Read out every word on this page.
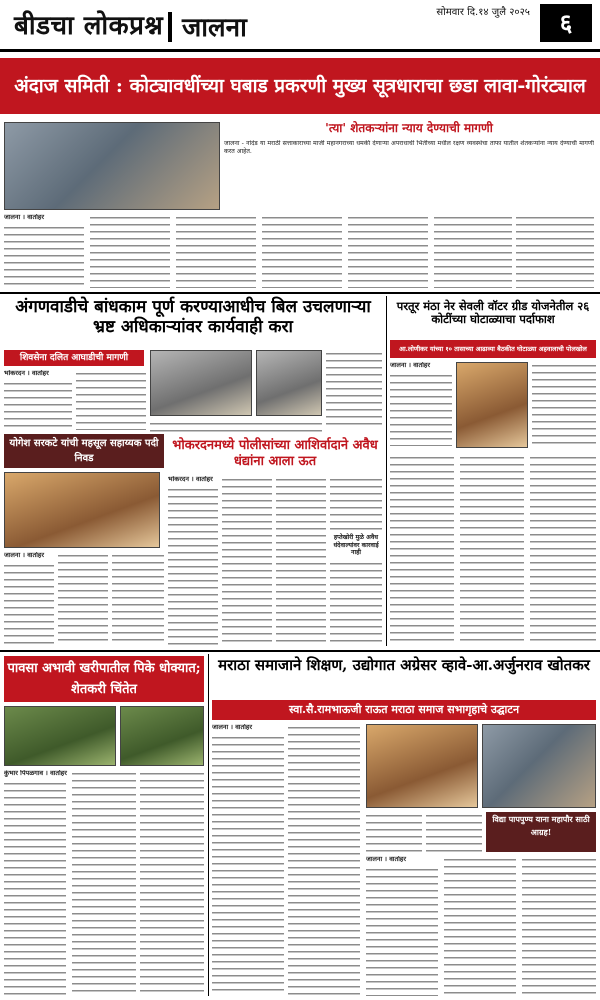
बीडचा लोकप्रश्न	सोमवार दि.१४ जुलै २०२५	६
जालना
अंदाज समिती : कोट्यावधींच्या घबाड प्रकरणी मुख्य सूत्रधाराचा छडा लावा-गोरंट्याल
'त्या' शेतकऱ्यांना न्याय देण्याची मागणी
जालना - नांदेड या मराठी सत्ताकाराच्या माजी महानगराच्या धमकी देणाऱ्या अपराधाची भिंतींच्या मधील रक्षण व्यवस्थेचा ताफा यातील शेतकऱ्यांना न्याय देण्याची मागणी करत आहेत.
जालना । वार्ताहर
अंगणवाडीचे बांधकाम पूर्ण करण्याआधीच बिल उचलणाऱ्या भ्रष्ट अधिकाऱ्यांवर कार्यवाही करा
शिवसेना दलित आघाडीची मागणी
भोकरदन । वार्ताहर
परतूर मंठा नेर सेवली वॉटर ग्रीड योजनेतील २६ कोटींच्या घोटाळ्याचा पर्दाफाश
आ.लोणीकर यांच्या १० तासाच्या आढाव्या बैठकीत घोटाळ्या अहवालाची पोलखोल
जालना । वार्ताहर
योगेश सरकटे यांची महसूल सहाय्यक पदी निवड
जालना । वार्ताहर
भोकरदनमध्ये पोलीसांच्या आशिर्वादाने अवैध धंद्यांना आला ऊत
भोकरदन । वार्ताहर
हप्तेखोरी मुळे अवैध धंदेवाल्यांवर कारवाई नाही
पावसा अभावी खरीपातील पिके धोक्यात; शेतकरी चिंतेत
कुंभार पिंपळगाव । वार्ताहर
मराठा समाजाने शिक्षण, उद्योगात अग्रेसर व्हावे-आ.अर्जुनराव खोतकर
स्वा.सै.रामभाऊजी राऊत मराठा समाज सभागृहाचे उद्घाटन
जालना । वार्ताहर
विद्या पापपुण्य याना महापौर साठी आग्रह!
जालना । वार्ताहर
